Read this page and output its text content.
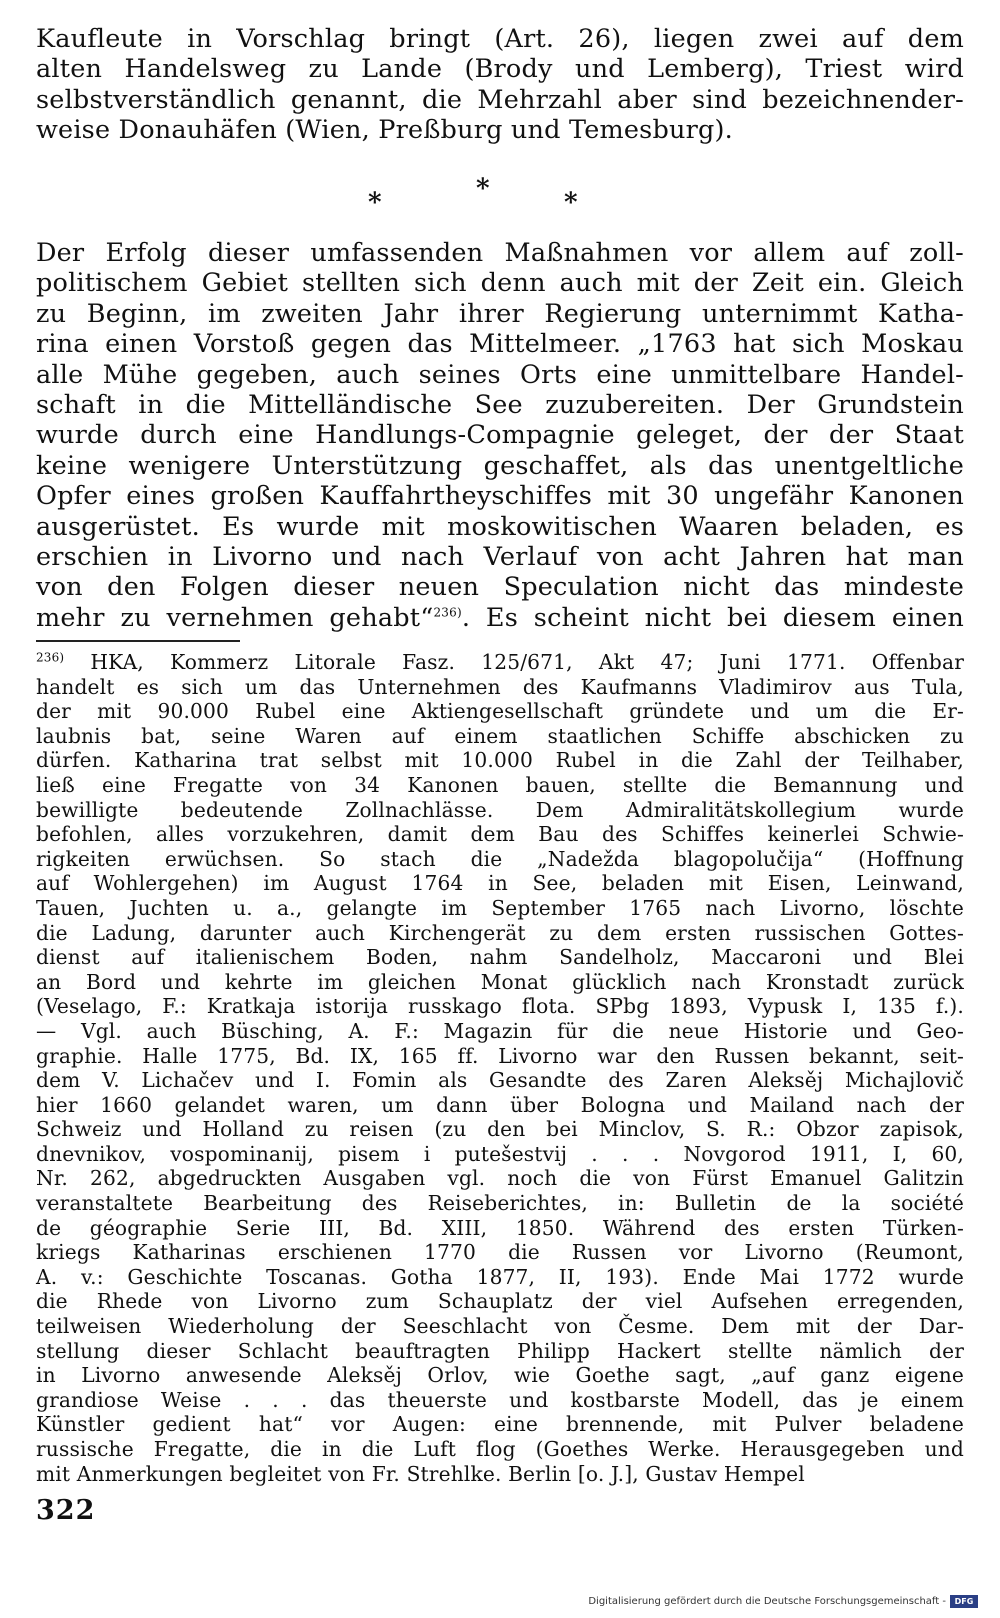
Kaufleute in Vorschlag bringt (Art. 26), liegen zwei auf dem
alten Handelsweg zu Lande (Brody und Lemberg), Triest wird
selbstverständlich genannt, die Mehrzahl aber sind bezeichnender-
weise Donauhäfen (Wien, Preßburg und Temesburg).
*	*	*
Der Erfolg dieser umfassenden Maßnahmen vor allem auf zoll-
politischem Gebiet stellten sich denn auch mit der Zeit ein. Gleich
zu Beginn, im zweiten Jahr ihrer Regierung unternimmt Katha-
rina einen Vorstoß gegen das Mittelmeer. „1763 hat sich Moskau
alle Mühe gegeben, auch seines Orts eine unmittelbare Handel-
schaft in die Mittelländische See zuzubereiten. Der Grundstein
wurde durch eine Handlungs-Compagnie geleget, der der Staat
keine wenigere Unterstützung geschaffet, als das unentgeltliche
Opfer eines großen Kauffahrtheyschiffes mit 30 ungefähr Kanonen
ausgerüstet. Es wurde mit moskowitischen Waaren beladen, es
erschien in Livorno und nach Verlauf von acht Jahren hat man
von den Folgen dieser neuen Speculation nicht das mindeste
mehr zu vernehmen gehabt“$^{236)}$. Es scheint nicht bei diesem einen
$^{236)}$ HKA, Kommerz Litorale Fasz. 125/671, Akt 47; Juni 1771. Offenbar
handelt es sich um das Unternehmen des Kaufmanns Vladimirov aus Tula,
der mit 90.000 Rubel eine Aktiengesellschaft gründete und um die Er-
laubnis bat, seine Waren auf einem staatlichen Schiffe abschicken zu
dürfen. Katharina trat selbst mit 10.000 Rubel in die Zahl der Teilhaber,
ließ eine Fregatte von 34 Kanonen bauen, stellte die Bemannung und
bewilligte bedeutende Zollnachlässe. Dem Admiralitätskollegium wurde
befohlen, alles vorzukehren, damit dem Bau des Schiffes keinerlei Schwie-
rigkeiten erwüchsen. So stach die „Nadežda blagopolučija“ (Hoffnung
auf Wohlergehen) im August 1764 in See, beladen mit Eisen, Leinwand,
Tauen, Juchten u. a., gelangte im September 1765 nach Livorno, löschte
die Ladung, darunter auch Kirchengerät zu dem ersten russischen Gottes-
dienst auf italienischem Boden, nahm Sandelholz, Maccaroni und Blei
an Bord und kehrte im gleichen Monat glücklich nach Kronstadt zurück
(Veselago, F.: Kratkaja istorija russkago flota. SPbg 1893, Vypusk I, 135 f.).
— Vgl. auch Büsching, A. F.: Magazin für die neue Historie und Geo-
graphie. Halle 1775, Bd. IX, 165 ff. Livorno war den Russen bekannt, seit-
dem V. Lichačev und I. Fomin als Gesandte des Zaren Aleksěj Michajlovič
hier 1660 gelandet waren, um dann über Bologna und Mailand nach der
Schweiz und Holland zu reisen (zu den bei Minclov, S. R.: Obzor zapisok,
dnevnikov, vospominanij, pisem i putešestvij . . . Novgorod 1911, I, 60,
Nr. 262, abgedruckten Ausgaben vgl. noch die von Fürst Emanuel Galitzin
veranstaltete Bearbeitung des Reiseberichtes, in: Bulletin de la société
de géographie Serie III, Bd. XIII, 1850. Während des ersten Türken-
kriegs Katharinas erschienen 1770 die Russen vor Livorno (Reumont,
A. v.: Geschichte Toscanas. Gotha 1877, II, 193). Ende Mai 1772 wurde
die Rhede von Livorno zum Schauplatz der viel Aufsehen erregenden,
teilweisen Wiederholung der Seeschlacht von Česme. Dem mit der Dar-
stellung dieser Schlacht beauftragten Philipp Hackert stellte nämlich der
in Livorno anwesende Aleksěj Orlov, wie Goethe sagt, „auf ganz eigene
grandiose Weise . . . das theuerste und kostbarste Modell, das je einem
Künstler gedient hat“ vor Augen: eine brennende, mit Pulver beladene
russische Fregatte, die in die Luft flog (Goethes Werke. Herausgegeben und
mit Anmerkungen begleitet von Fr. Strehlke. Berlin [o. J.], Gustav Hempel
322
Digitalisierung gefördert durch die Deutsche Forschungsgemeinschaft -	DFG
